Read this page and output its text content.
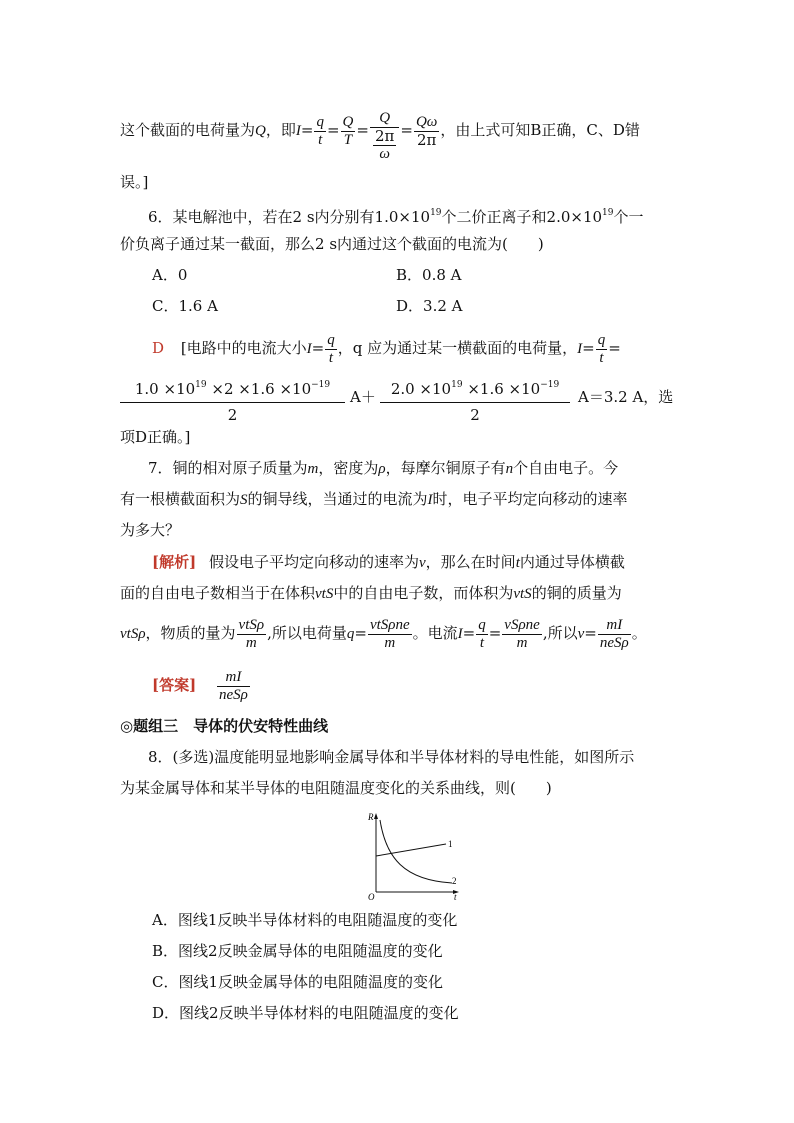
这个截面的电荷量为Q，即$I= \frac{q}{t} = \frac{Q}{T} = \frac{Q}{\frac{2\pi}{\omega}} = \frac{Q\omega}{2\pi}$ ，由上式可知B正确，C、D错
误。]
6．某电解池中，若在2 s内分别有$1.0\times 10^{19}$个二价正离子和$2.0\times 10^{19}$个一
价负离子通过某一截面，那么2 s内通过这个截面的电流为(　　)
A．0	B．0.8 A
C．1.6 A	D．3.2 A
D [电路中的电流大小$I= \frac{q}{t}$ ，q 应为通过某一横截面的电荷量，$I= \frac{q}{t}$ =
$\frac{1.0 \times 10^{19} \times 2 \times 1.6 \times 10^{-19}}{2} A+ \frac{2.0 \times 10^{19} \times 1.6 \times 10^{-19}}{2} A=3.2$ A，选
项D正确。]
7．铜的相对原子质量为m，密度为ρ，每摩尔铜原子有n个自由电子。今
有一根横截面积为S的铜导线，当通过的电流为I时，电子平均定向移动的速率
为多大？
[解析] 假设电子平均定向移动的速率为v，那么在时间t内通过导体横截
面的自由电子数相当于在体积vtS中的自由电子数，而体积为vtS的铜的质量为
vtSρ，物质的量为 $\frac{\text{vtSρ}}{m}$ ,所以电荷量$q= \frac{\text{vtSρne}}{m}$ 。电流$I= \frac{q}{t} = \frac{\text{vSρne}}{m}$ ,所以$v= \frac{mI}{\text{neSρ}}$ 。
[答案] $\frac{mI}{\text{neSρ}}$
◎题组三　导体的伏安特性曲线
8．(多选)温度能明显地影响金属导体和半导体材料的导电性能，如图所示
为某金属导体和某半导体的电阻随温度变化的关系曲线，则(　　)
R
O	t
1
2
A．图线1反映半导体材料的电阻随温度的变化
B．图线2反映金属导体的电阻随温度的变化
C．图线1反映金属导体的电阻随温度的变化
D．图线2反映半导体材料的电阻随温度的变化
